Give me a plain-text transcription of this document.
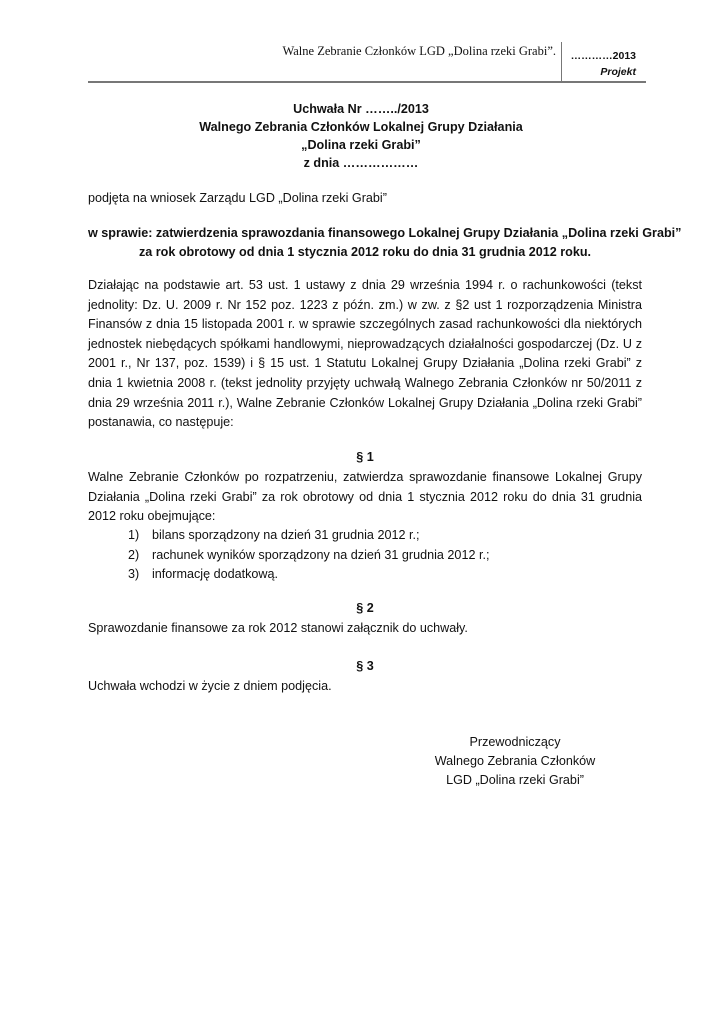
Walne Zebranie Członków LGD „Dolina rzeki Grabi”.	…………2013
Projekt
Uchwała Nr ……../2013
Walnego Zebrania Członków Lokalnej Grupy Działania
„Dolina rzeki Grabi”
z dnia ………………
podjęta na wniosek Zarządu LGD „Dolina rzeki Grabi”
w sprawie: zatwierdzenia sprawozdania finansowego Lokalnej Grupy Działania „Dolina rzeki Grabi”
za rok obrotowy od dnia 1 stycznia 2012 roku do dnia 31 grudnia 2012 roku.
Działając na podstawie art. 53 ust. 1 ustawy z dnia 29 września 1994 r. o rachunkowości (tekst jednolity: Dz. U. 2009 r. Nr 152 poz. 1223 z późn. zm.) w zw. z §2 ust 1 rozporządzenia Ministra Finansów z dnia 15 listopada 2001 r. w sprawie szczególnych zasad rachunkowości dla niektórych jednostek niebędących spółkami handlowymi, nieprowadzących działalności gospodarczej (Dz. U z 2001 r., Nr 137, poz. 1539) i § 15 ust. 1 Statutu Lokalnej Grupy Działania „Dolina rzeki Grabi” z dnia 1 kwietnia 2008 r. (tekst jednolity przyjęty uchwałą Walnego Zebrania Członków nr 50/2011 z dnia 29 września 2011 r.), Walne Zebranie Członków Lokalnej Grupy Działania „Dolina rzeki Grabi” postanawia, co następuje:
§ 1
Walne Zebranie Członków po rozpatrzeniu, zatwierdza sprawozdanie finansowe Lokalnej Grupy Działania „Dolina rzeki Grabi” za rok obrotowy od dnia 1 stycznia 2012 roku do dnia 31 grudnia 2012 roku obejmujące:
1)	bilans sporządzony na dzień 31 grudnia 2012 r.;
2)	rachunek wyników sporządzony na dzień 31 grudnia 2012 r.;
3)	informację dodatkową.
§ 2
Sprawozdanie finansowe za rok 2012 stanowi załącznik do uchwały.
§ 3
Uchwała wchodzi w życie z dniem podjęcia.
Przewodniczący
Walnego Zebrania Członków
LGD „Dolina rzeki Grabi”
